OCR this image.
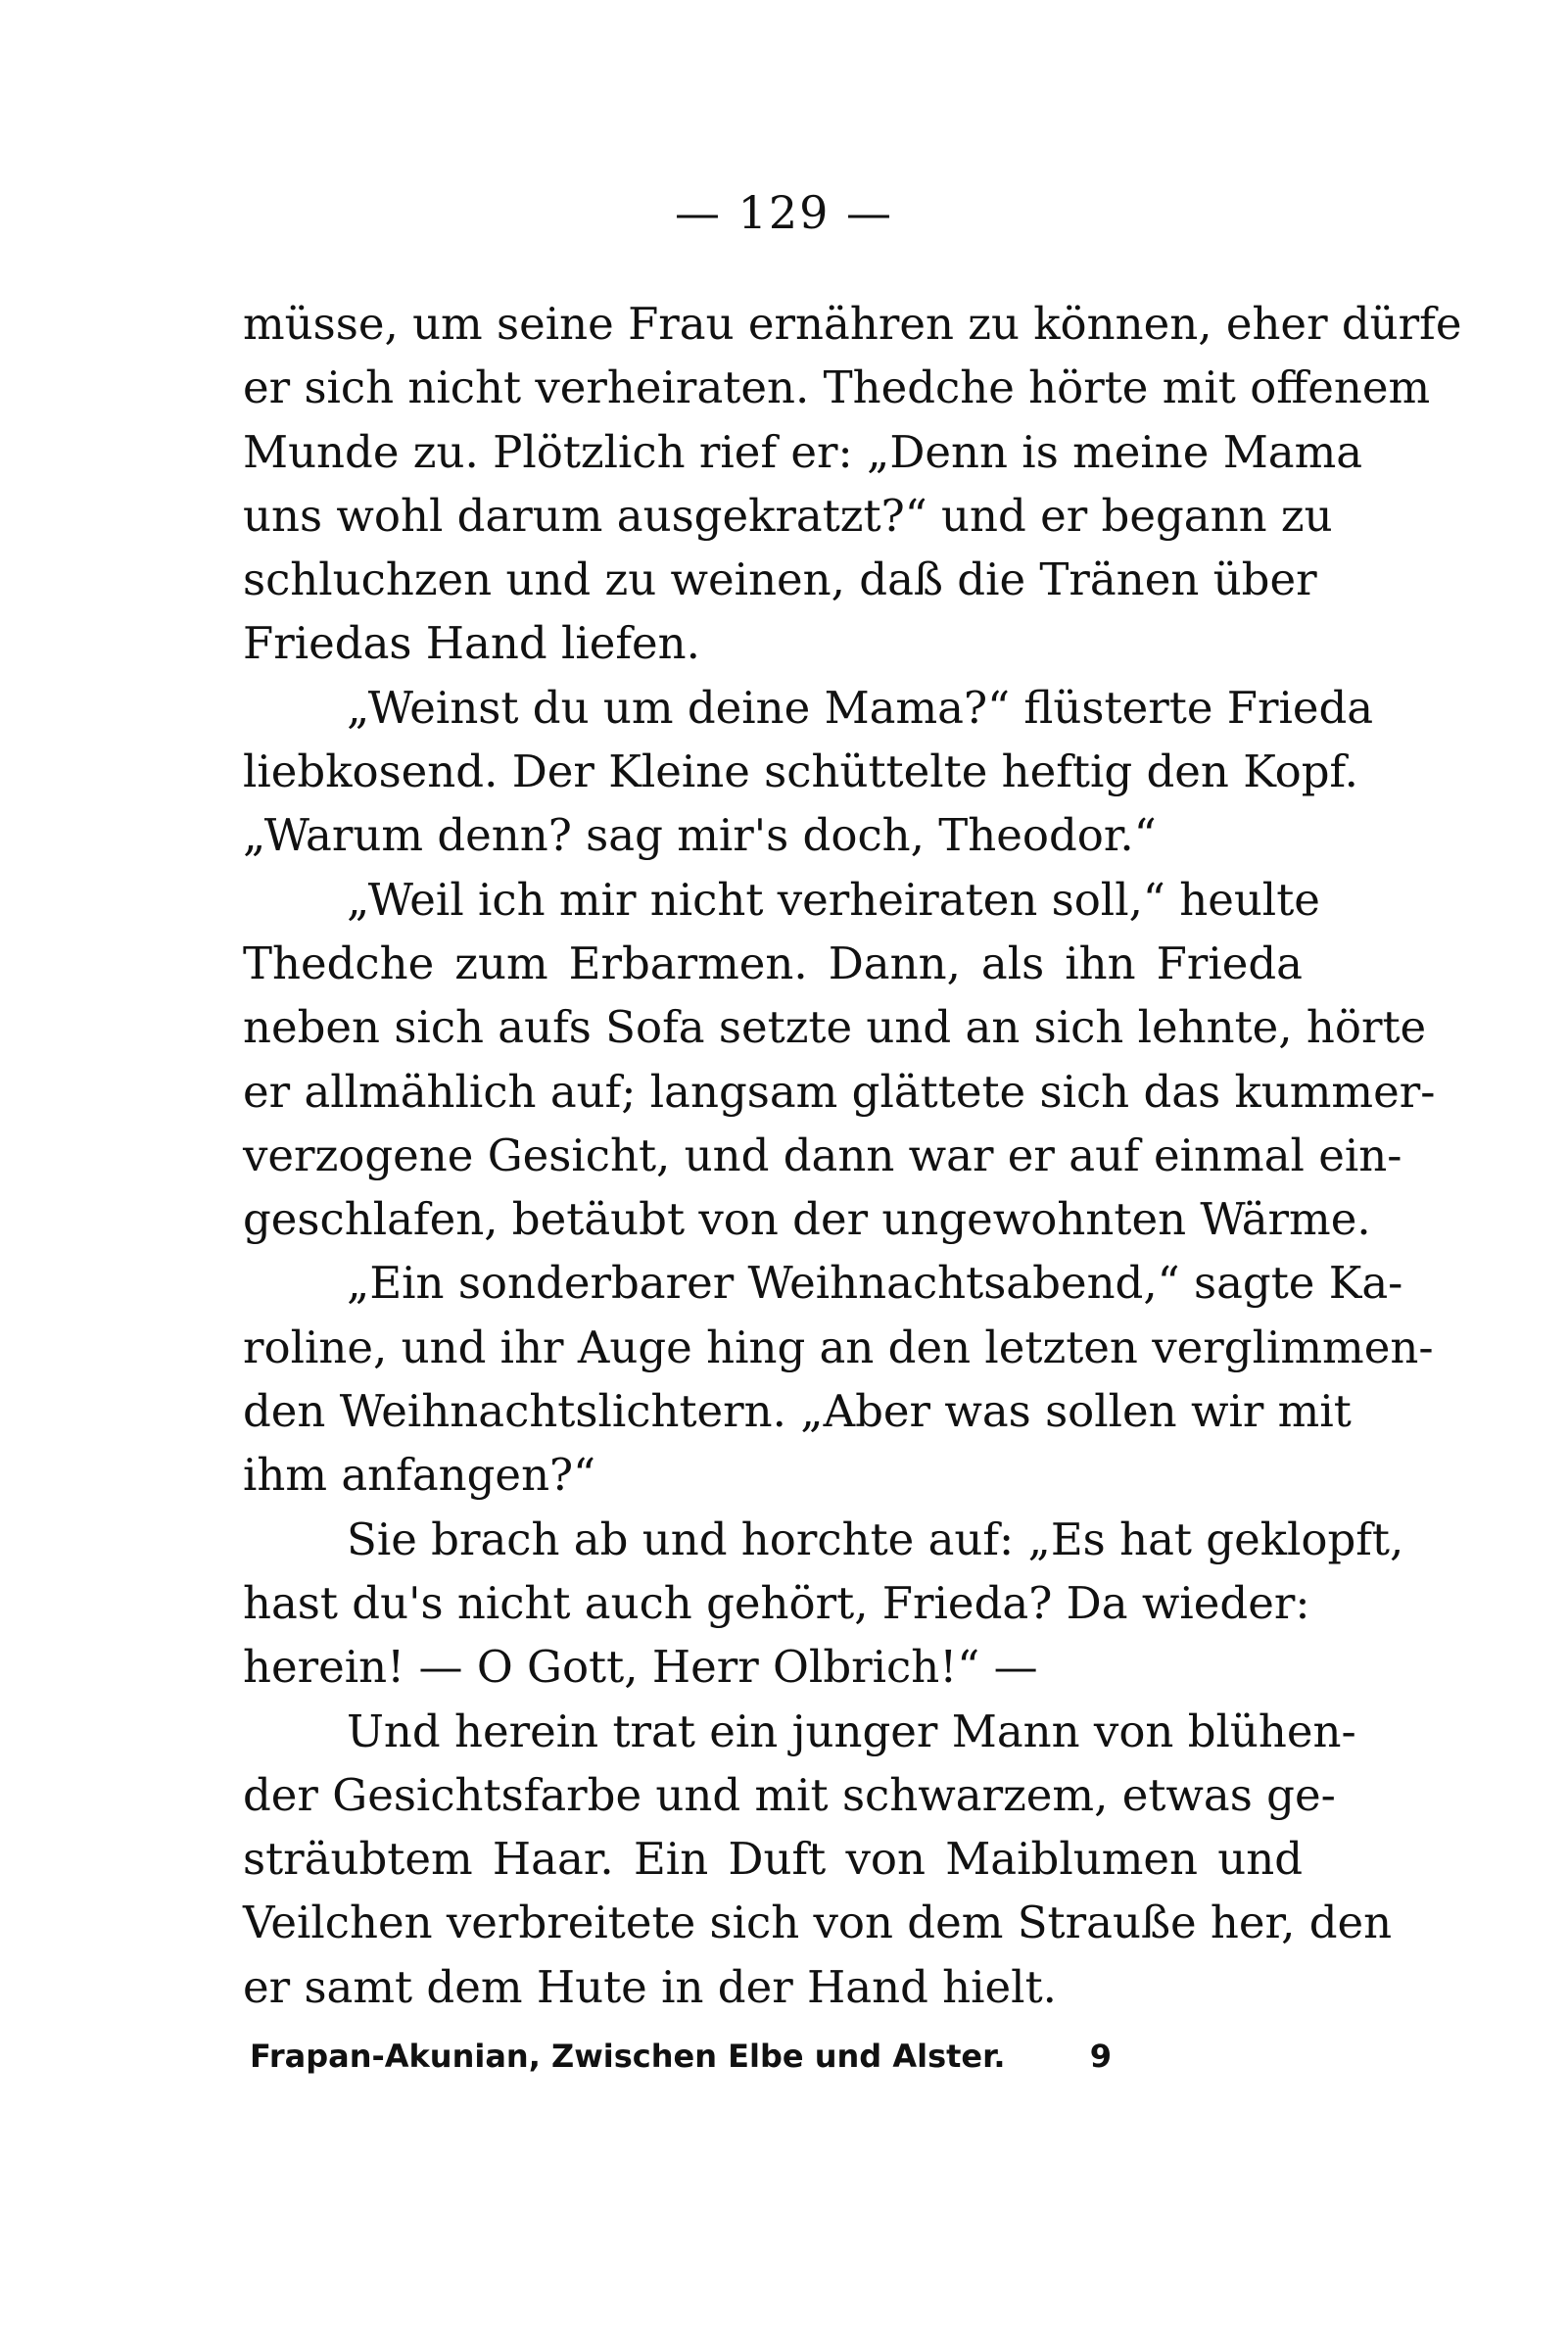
— 129 —
müsse, um seine Frau ernähren zu können, eher dürfe
er sich nicht verheiraten. Thedche hörte mit offenem
Munde zu. Plötzlich rief er: „Denn is meine Mama
uns wohl darum ausgekratzt?“ und er begann zu
schluchzen und zu weinen, daß die Tränen über
Friedas Hand liefen.
„Weinst du um deine Mama?“ flüsterte Frieda
liebkosend. Der Kleine schüttelte heftig den Kopf.
„Warum denn? sag mir's doch, Theodor.“
„Weil ich mir nicht verheiraten soll,“ heulte
Thedche zum Erbarmen. Dann, als ihn Frieda
neben sich aufs Sofa setzte und an sich lehnte, hörte
er allmählich auf; langsam glättete sich das kummer-
verzogene Gesicht, und dann war er auf einmal ein-
geschlafen, betäubt von der ungewohnten Wärme.
„Ein sonderbarer Weihnachtsabend,“ sagte Ka-
roline, und ihr Auge hing an den letzten verglimmen-
den Weihnachtslichtern. „Aber was sollen wir mit
ihm anfangen?“
Sie brach ab und horchte auf: „Es hat geklopft,
hast du's nicht auch gehört, Frieda? Da wieder:
herein! — O Gott, Herr Olbrich!“ —
Und herein trat ein junger Mann von blühen-
der Gesichtsfarbe und mit schwarzem, etwas ge-
sträubtem Haar. Ein Duft von Maiblumen und
Veilchen verbreitete sich von dem Strauße her, den
er samt dem Hute in der Hand hielt.
Frapan-Akunian, Zwischen Elbe und Alster.	9
